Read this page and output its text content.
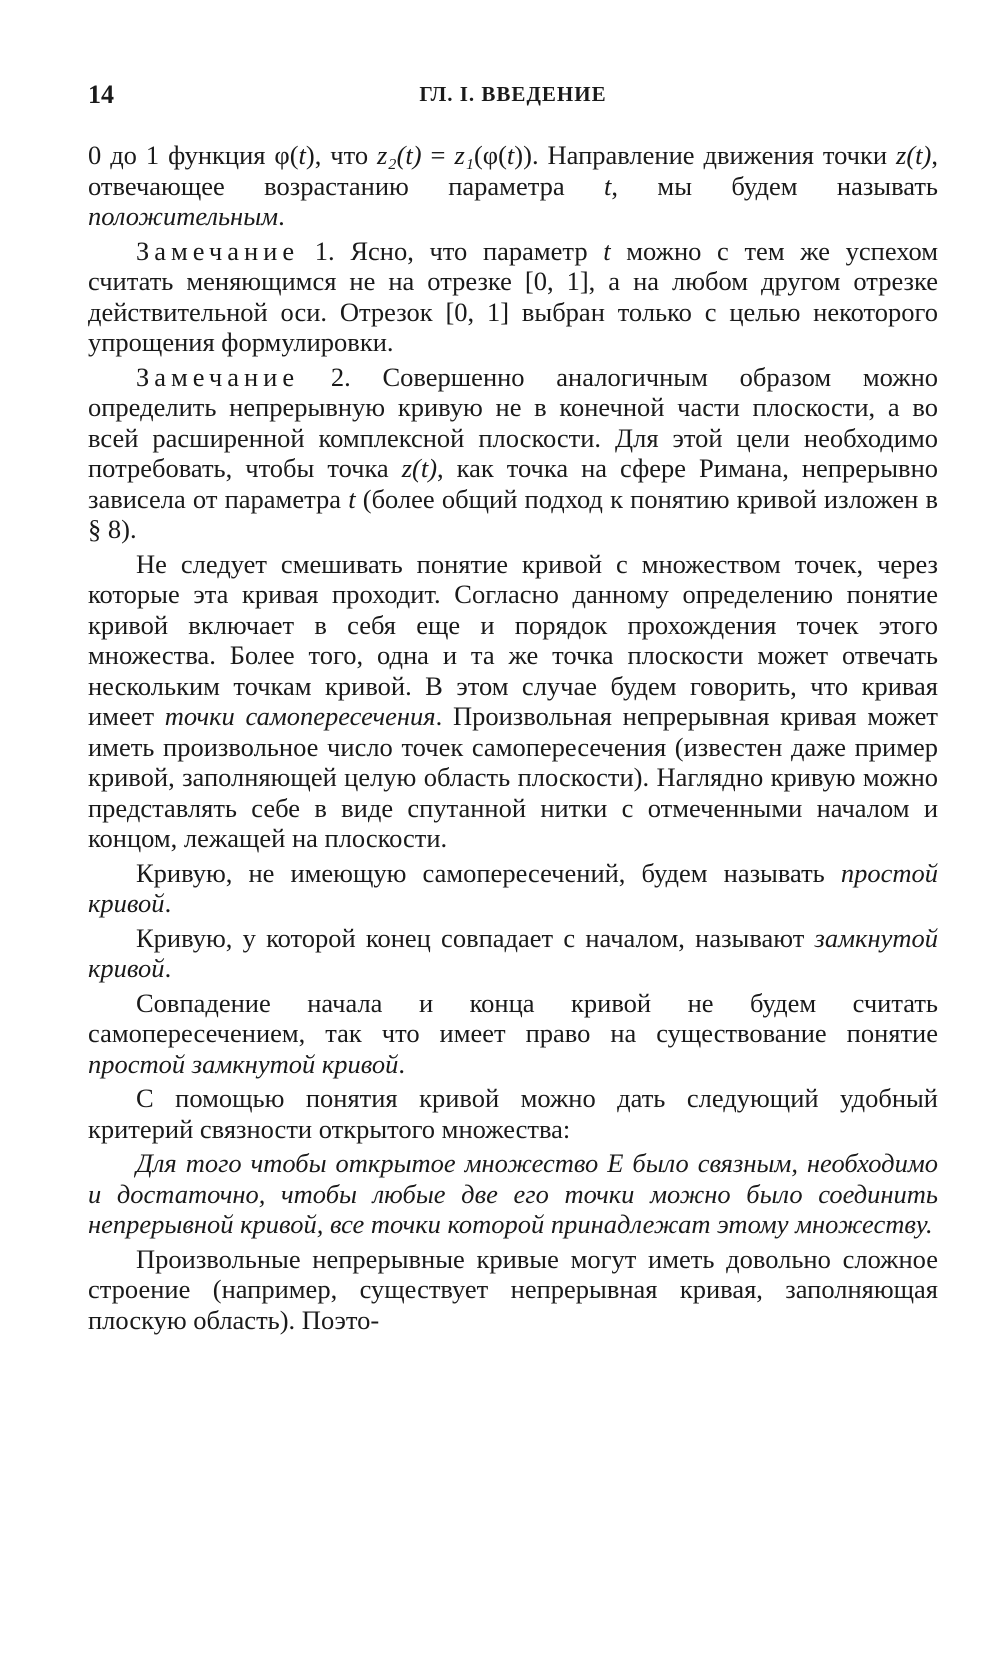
14	ГЛ. I. ВВЕДЕНИЕ

0 до 1 функция φ(t), что z₂(t) = z₁(φ(t)). Направление движения точки z(t), отвечающее возрастанию параметра t, мы будем называть положительным.

Замечание 1. Ясно, что параметр t можно с тем же успехом считать меняющимся не на отрезке [0, 1], а на любом другом отрезке действительной оси. Отрезок [0, 1] выбран только с целью некоторого упрощения формулировки.

Замечание 2. Совершенно аналогичным образом можно определить непрерывную кривую не в конечной части плоскости, а во всей расширенной комплексной плоскости. Для этой цели необходимо потребовать, чтобы точка z(t), как точка на сфере Римана, непрерывно зависела от параметра t (более общий подход к понятию кривой изложен в § 8).

Не следует смешивать понятие кривой с множеством точек, через которые эта кривая проходит. Согласно данному определению понятие кривой включает в себя еще и порядок прохождения точек этого множества. Более того, одна и та же точка плоскости может отвечать нескольким точкам кривой. В этом случае будем говорить, что кривая имеет точки самопересечения. Произвольная непрерывная кривая может иметь произвольное число точек самопересечения (известен даже пример кривой, заполняющей целую область плоскости). Наглядно кривую можно представлять себе в виде спутанной нитки с отмеченными началом и концом, лежащей на плоскости.

Кривую, не имеющую самопересечений, будем называть простой кривой.

Кривую, у которой конец совпадает с началом, называют замкнутой кривой.

Совпадение начала и конца кривой не будем считать самопересечением, так что имеет право на существование понятие простой замкнутой кривой.

С помощью понятия кривой можно дать следующий удобный критерий связности открытого множества:

Для того чтобы открытое множество E было связным, необходимо и достаточно, чтобы любые две его точки можно было соединить непрерывной кривой, все точки которой принадлежат этому множеству.

Произвольные непрерывные кривые могут иметь довольно сложное строение (например, существует непрерывная кривая, заполняющая плоскую область). Поэто-
